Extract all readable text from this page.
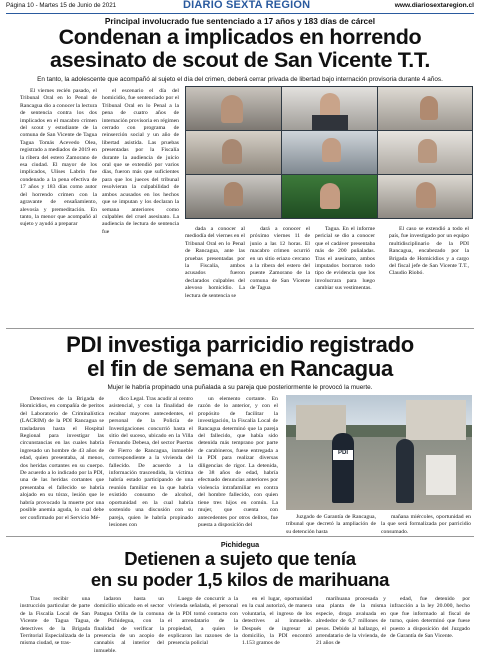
Página 10 - Martes 15 de Junio de 2021	DIARIO SEXTA REGIÓN	www.diariosextaregion.cl
Principal involucrado fue sentenciado a 17 años y 183 días de cárcel
Condenan a implicados en horrendo
asesinato de scout de San Vicente T.T.
En tanto, la adolescente que acompañó al sujeto el día del crimen, deberá cerrar privada de libertad bajo internación provisoria durante 4 años.

El viernes recién pasado, el Tribunal Oral en lo Penal de Rancagua dio a conocer la lectura de sentencia contra los dos implicados en el macabro crimen del scout y estudiante de la comuna de San Vicente de Tagua Tagua Tomás Acevedo Olea, registrado a mediados de 2019 en la ribera del estero Zamorano de esa ciudad. El mayor de los implicados, Ulises Labrín fue condenado a la pena efectiva de 17 años y 183 días como autor del horrendo crimen con la agravante de ensañamiento, alevosía y premeditación. En tanto, la menor que acompañó al sujeto y ayudó a preparar

el escenario el día del homicidio, fue sentenciado por el Tribunal Oral en lo Penal a la pena de cuatro años de internación provisoria en régimen cerrado con programa de reinserción social y un año de libertad asistida. Las pruebas presentadas por la Fiscalía durante la audiencia de juicio oral que se extendió por varios días, fueron más que suficientes para que los jueces del tribunal resolvieran la culpabilidad de ambos acusados en los hechos que se imputan y los declaran la semana anteriores como culpables del cruel asesinato. La audiencia de lectura de sentencia fue	dada a conocer al mediodía del viernes en el Tribunal Oral en lo Penal de Rancagua, ante las pruebas presentadas por la Fiscalía, ambos acusados fueron declarados culpables del alevoso homicidio. La lectura de sentencia se

dará a conocer el próximo viernes 11 de junio a las 12 horas. El macabro crimen ocurrió en un sitio eriazo cercano a la ribera del estero del puente Zamorano de la comuna de San Vicente de Tagua

Tagua. En el informe pericial se dio a conocer que el cadáver presentaba más de 200 puñaladas. Tras el asesinato, ambos imputados borraron todo tipo de evidencia que los involucrara para luego cambiar sus vestimentas.

El caso se extendió a todo el país, fue investigado por un equipo multidisciplinario de la PDI Rancagua, encabezado por la Brigada de Homicidios y a cargo del fiscal jefe de San Vicente T.T., Claudio Riobó.

PDI investiga parricidio registrado
el fin de semana en Rancagua
Mujer le habría propinado una puñalada a su pareja que posteriormente le provocó la muerte.

Detectives de la Brigada de Homicidios, en compañía de peritos del Laboratorio de Criminalística (LACRIM) de la PDI Rancagua se trasladaron hasta el Hospital Regional para investigar las circunstancias en las cuales habría ingresado un hombre de 43 años de edad, quien presentaba, al menos, dos heridas cortantes en su cuerpo. De acuerdo a lo indicado por la PDI, una de las heridas cortantes que presentaba el fallecido se habría alojado en su tórax, lesión que le habría provocado la muerte por una posible anemia aguda, lo cual debe ser confirmado por el Servicio Mé-

dico Legal. Tras acudir al centro asistencial, y con la finalidad de recabar mayores antecedentes, el personal de la Policía de Investigaciones concurrió hasta el sitio del suceso, ubicado en la Villa Fernando Debesa, del sector Puertas de Fierro de Rancagua, inmueble correspondiente a la vivienda del fallecido. De acuerdo a la información trascendida, la víctima habría estado participando de una reunión familiar en la que habría existido consumo de alcohol, oportunidad en la cual habría sostenido una discusión con su pareja, quien le habría propinado lesiones con

un elemento cortante. En razón de lo anterior, y con el propósito de facilitar la investigación, la Fiscalía Local de Rancagua determinó que la pareja del fallecido, que había sido detenida más temprano por parte de carabineros, fuese entregada a la PDI para realizar diversas diligencias de rigor. La detenida, de 38 años de edad, habría efectuado denuncias anteriores por violencia intrafamiliar en contra del hombre fallecido, con quien tiene tres hijos en común. La mujer, que cuenta con antecedentes por otros delitos, fue puesta a disposición del

PDI

Juzgado de Garantía de Rancagua, tribunal que decretó la ampliación de su detención hasta

mañana miércoles, oportunidad en la que será formalizada por parricidio consumado.

Pichidegua
Detienen a sujeto que tenía
en su poder 1,5 kilos de marihuana

Tras recibir una instrucción particular de parte de la Fiscalía Local de San Vicente de Tagua Tagua, detectives de la Brigada Territorial Especializada de la misma ciudad, se tras-

ladaron hasta un domicilio ubicado en el sector Patagua Orilla de la comuna de Pichidegua, con la finalidad de verificar la presencia de un acopio de cannabis al interior del inmueble.

Luego de concurrir a la vivienda señalada, el personal de la PDI tomó contacto con el arrendatario de la propiedad, a quien le explicaron las razones de la presencia policial

en el lugar, oportunidad en la cual autorizó, de manera voluntaria, el ingreso de los detectives al inmueble. Después de ingresar al domicilio, la PDI encontró 1.153 gramos de

marihuana procesada y una planta de la misma especie, droga avaluada en alrededor de 6,7 millones de pesos. Debido al hallazgo, el arrendatario de la vivienda, de 21 años de

edad, fue detenido por infracción a la ley 20.000, hecho que fue informado al fiscal de turno, quien determinó que fuese puesto a disposición del Juzgado de Garantía de San Vicente.
